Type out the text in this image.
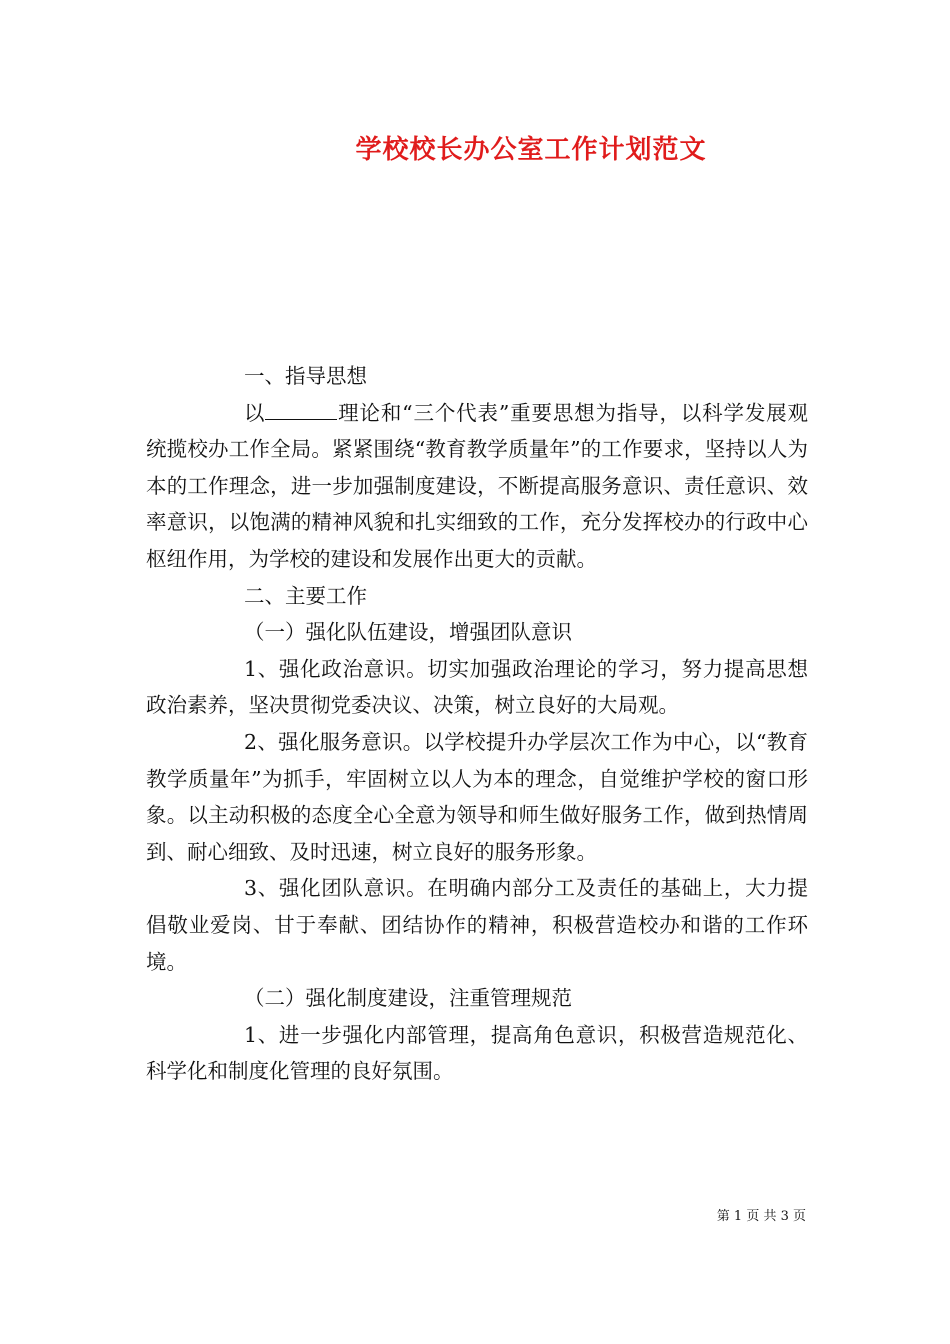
学校校长办公室工作计划范文

一、指导思想

以	理论和“三个代表”重要思想为指导，以科学发展观统揽校办工作全局。紧紧围绕“教育教学质量年”的工作要求，坚持以人为本的工作理念，进一步加强制度建设，不断提高服务意识、责任意识、效率意识，以饱满的精神风貌和扎实细致的工作，充分发挥校办的行政中心枢纽作用，为学校的建设和发展作出更大的贡献。

二、主要工作

（一）强化队伍建设，增强团队意识

1、强化政治意识。切实加强政治理论的学习，努力提高思想政治素养，坚决贯彻党委决议、决策，树立良好的大局观。

2、强化服务意识。以学校提升办学层次工作为中心，以“教育教学质量年”为抓手，牢固树立以人为本的理念，自觉维护学校的窗口形象。以主动积极的态度全心全意为领导和师生做好服务工作，做到热情周到、耐心细致、及时迅速，树立良好的服务形象。

3、强化团队意识。在明确内部分工及责任的基础上，大力提倡敬业爱岗、甘于奉献、团结协作的精神，积极营造校办和谐的工作环境。

（二）强化制度建设，注重管理规范

1、进一步强化内部管理，提高角色意识，积极营造规范化、科学化和制度化管理的良好氛围。

第 1 页 共 3 页
